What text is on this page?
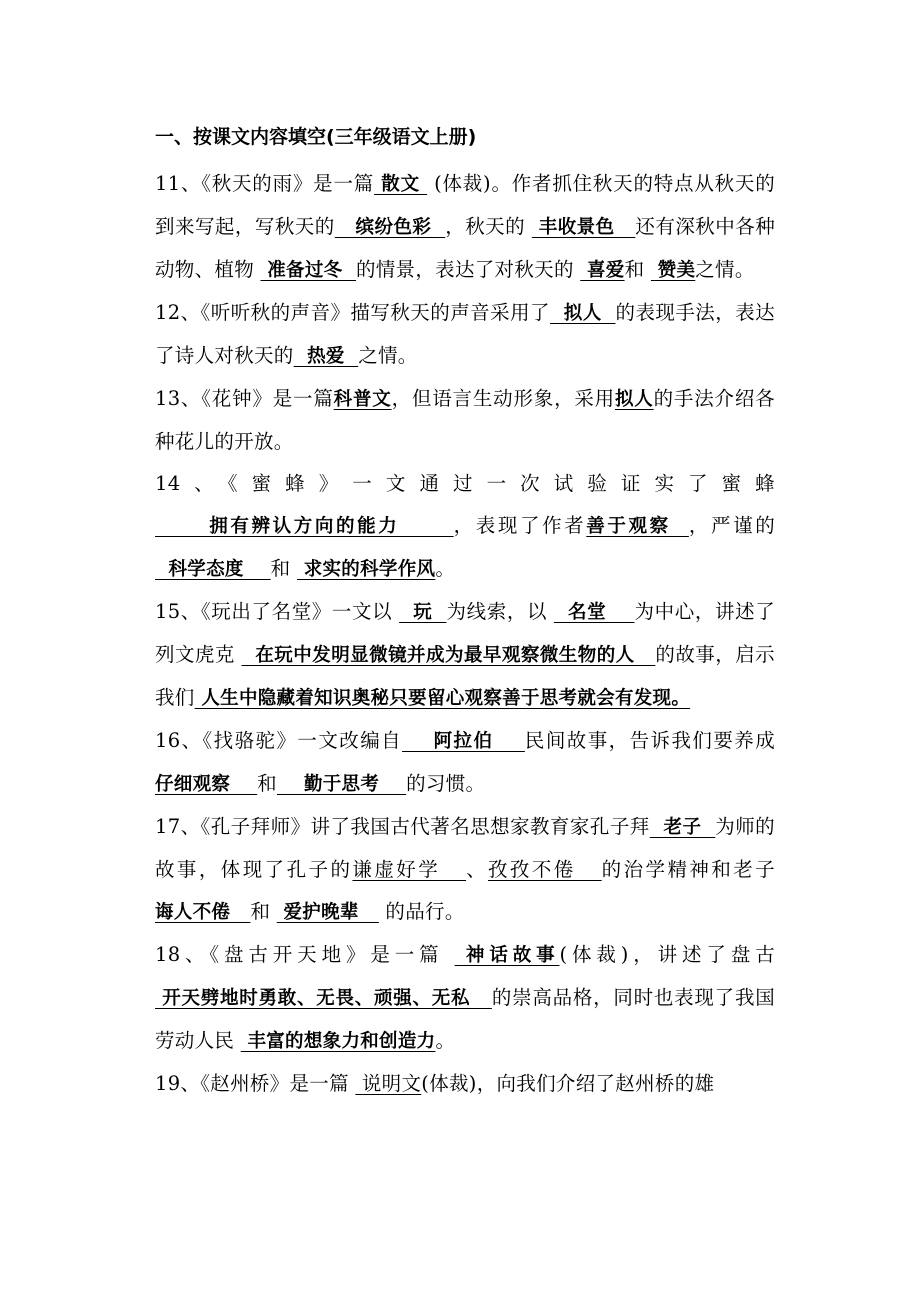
一、按课文内容填空(三年级语文上册)

11、《秋天的雨》是一篇 散文  (体裁)。作者抓住秋天的特点从秋天的到来写起，写秋天的   缤纷色彩  ，秋天的  丰收景色   还有深秋中各种动物、植物  准备过冬  的情景，表达了对秋天的  喜爱和  赞美之情。

12、《听听秋的声音》描写秋天的声音采用了  拟人  的表现手法，表达了诗人对秋天的  热爱  之情。

13、《花钟》是一篇科普文，但语言生动形象，采用拟人的手法介绍各种花儿的开放。

14、《蜜蜂》一文通过一次试验证实了蜜蜂      拥有辨认方向的能力      ，表现了作者善于观察  ，严谨的  科学态度    和  求实的科学作风。

15、《玩出了名堂》一文以   玩  为线索，以   名堂    为中心，讲述了列文虎克   在玩中发明显微镜并成为最早观察微生物的人   的故事，启示我们 人生中隐藏着知识奥秘只要留心观察善于思考就会有发现。

16、《找骆驼》一文改编自    阿拉伯    民间故事，告诉我们要养成仔细观察    和    勤于思考    的习惯。

17、《孔子拜师》讲了我国古代著名思想家教育家孔子拜  老子  为师的故事，体现了孔子的谦虚好学   、孜孜不倦   的治学精神和老子诲人不倦   和  爱护晚辈    的品行。

18、《盘古开天地》是一篇  神话故事(体裁)，讲述了盘古  开天劈地时勇敢、无畏、顽强、无私   的崇高品格，同时也表现了我国劳动人民  丰富的想象力和创造力。

19、《赵州桥》是一篇  说明文(体裁)，向我们介绍了赵州桥的雄
